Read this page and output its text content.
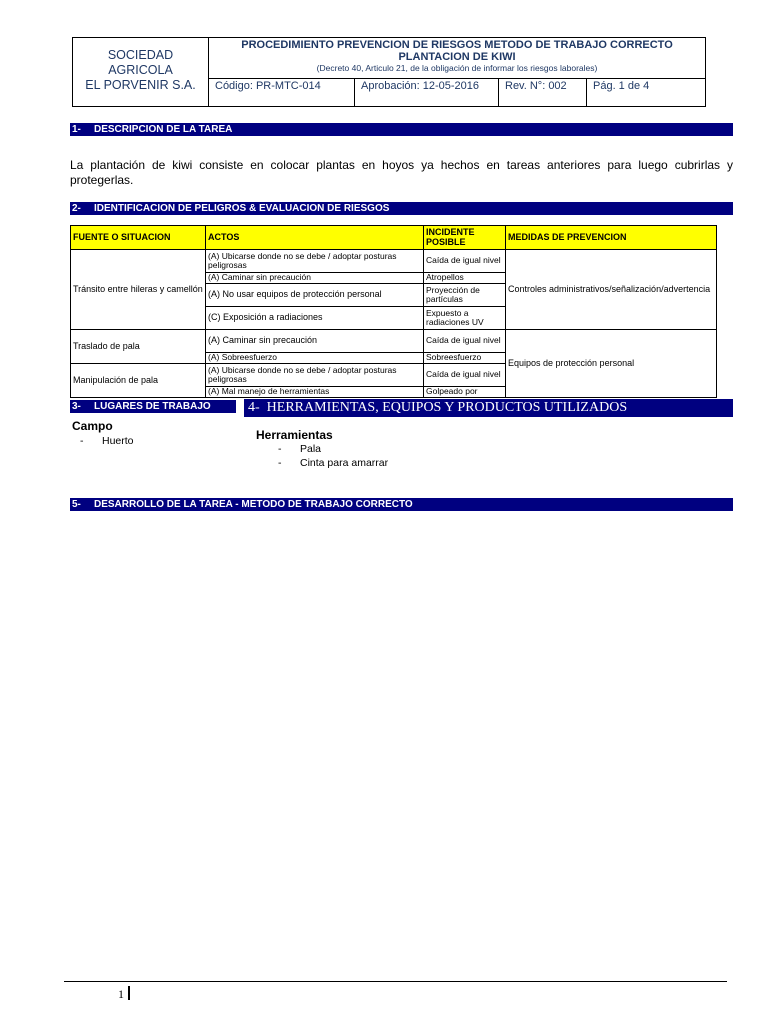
SOCIEDAD
AGRICOLA
EL PORVENIR S.A.
PROCEDIMIENTO PREVENCION DE RIESGOS METODO DE TRABAJO CORRECTO
PLANTACION DE KIWI
(Decreto 40, Articulo 21, de la obligación de informar los riesgos laborales)
Código: PR-MTC-014	Aprobación: 12-05-2016	Rev. N°: 002	Pág. 1 de 4
1- DESCRIPCION DE LA TAREA
La plantación de kiwi consiste en colocar plantas en hoyos ya hechos en tareas anteriores para luego cubrirlas y protegerlas.
2- IDENTIFICACION DE PELIGROS & EVALUACION DE RIESGOS
FUENTE O SITUACION	ACTOS	INCIDENTE POSIBLE	MEDIDAS DE PREVENCION
Tránsito entre hileras y camellón	(A) Ubicarse donde no se debe / adoptar posturas peligrosas	Caída de igual nivel	Controles administrativos/señalización/advertencia
	(A) Caminar sin precaución	Atropellos	
	(A) No usar equipos de protección personal	Proyección de partículas	
	(C) Exposición a radiaciones	Expuesto a radiaciones UV	
Traslado de pala	(A) Caminar sin precaución	Caída de igual nivel	Equipos de protección personal
	(A) Sobreesfuerzo	Sobreesfuerzo	
Manipulación de pala	(A) Ubicarse donde no se debe / adoptar posturas peligrosas	Caída de igual nivel	
	(A) Mal manejo de herramientas	Golpeado por	
3- LUGARES DE TRABAJO	4- HERRAMIENTAS, EQUIPOS Y PRODUCTOS UTILIZADOS
Campo
- Huerto	Herramientas
- Pala
- Cinta para amarrar
5- DESARROLLO DE LA TAREA - METODO DE TRABAJO CORRECTO
1
